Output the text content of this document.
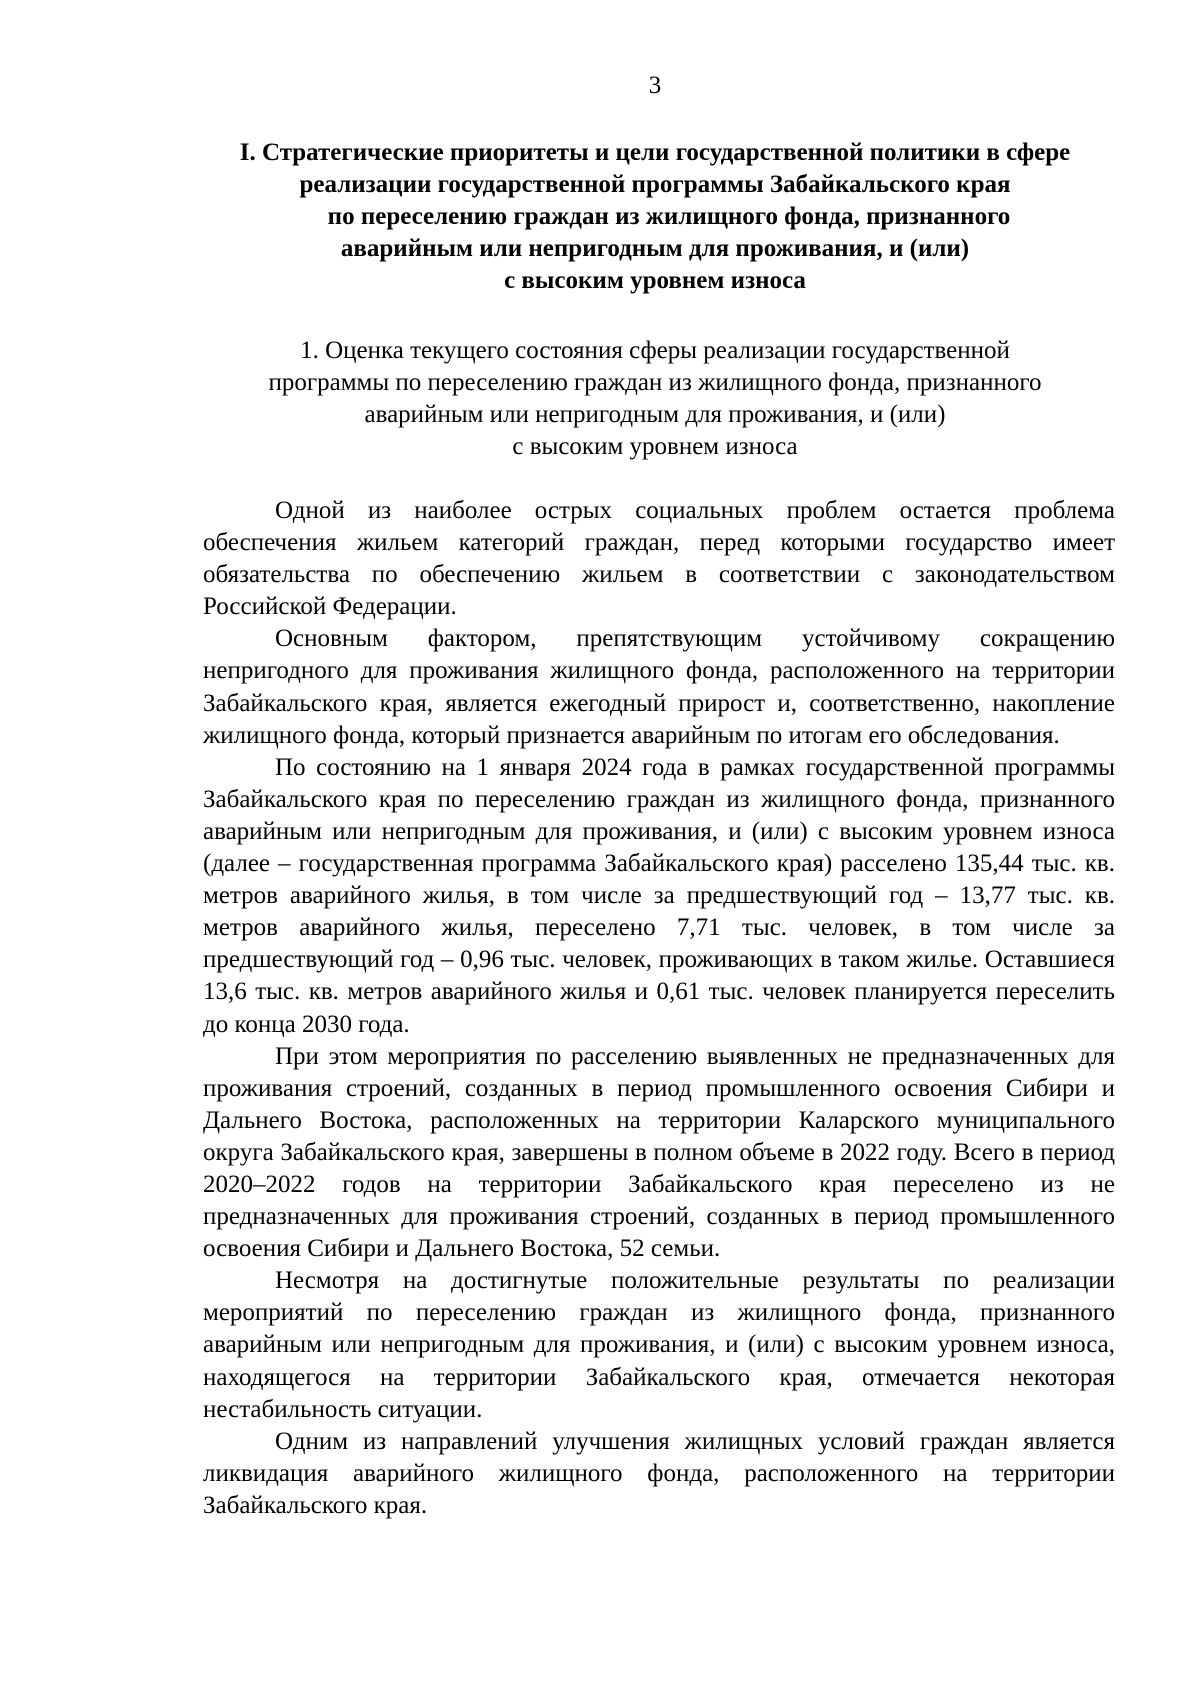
3
I. Стратегические приоритеты и цели государственной политики в сфере
реализации государственной программы Забайкальского края
по переселению граждан из жилищного фонда, признанного
аварийным или непригодным для проживания, и (или)
с высоким уровнем износа
1. Оценка текущего состояния сферы реализации государственной
программы по переселению граждан из жилищного фонда, признанного
аварийным или непригодным для проживания, и (или)
с высоким уровнем износа

Одной из наиболее острых социальных проблем остается проблема обеспечения жильем категорий граждан, перед которыми государство имеет обязательства по обеспечению жильем в соответствии с законодательством Российской Федерации.

Основным фактором, препятствующим устойчивому сокращению непригодного для проживания жилищного фонда, расположенного на территории Забайкальского края, является ежегодный прирост и, соответственно, накопление жилищного фонда, который признается аварийным по итогам его обследования.

По состоянию на 1 января 2024 года в рамках государственной программы Забайкальского края по переселению граждан из жилищного фонда, признанного аварийным или непригодным для проживания, и (или) с высоким уровнем износа (далее – государственная программа Забайкальского края) расселено 135,44 тыс. кв. метров аварийного жилья, в том числе за предшествующий год – 13,77 тыс. кв. метров аварийного жилья, переселено 7,71 тыс. человек, в том числе за предшествующий год – 0,96 тыс. человек, проживающих в таком жилье. Оставшиеся 13,6 тыс. кв. метров аварийного жилья и 0,61 тыс. человек планируется переселить до конца 2030 года.

При этом мероприятия по расселению выявленных не предназначенных для проживания строений, созданных в период промышленного освоения Сибири и Дальнего Востока, расположенных на территории Каларского муниципального округа Забайкальского края, завершены в полном объеме в 2022 году. Всего в период 2020–2022 годов на территории Забайкальского края переселено из не предназначенных для проживания строений, созданных в период промышленного освоения Сибири и Дальнего Востока, 52 семьи.

Несмотря на достигнутые положительные результаты по реализации мероприятий по переселению граждан из жилищного фонда, признанного аварийным или непригодным для проживания, и (или) с высоким уровнем износа, находящегося на территории Забайкальского края, отмечается некоторая нестабильность ситуации.

Одним из направлений улучшения жилищных условий граждан является ликвидация аварийного жилищного фонда, расположенного на территории Забайкальского края.
